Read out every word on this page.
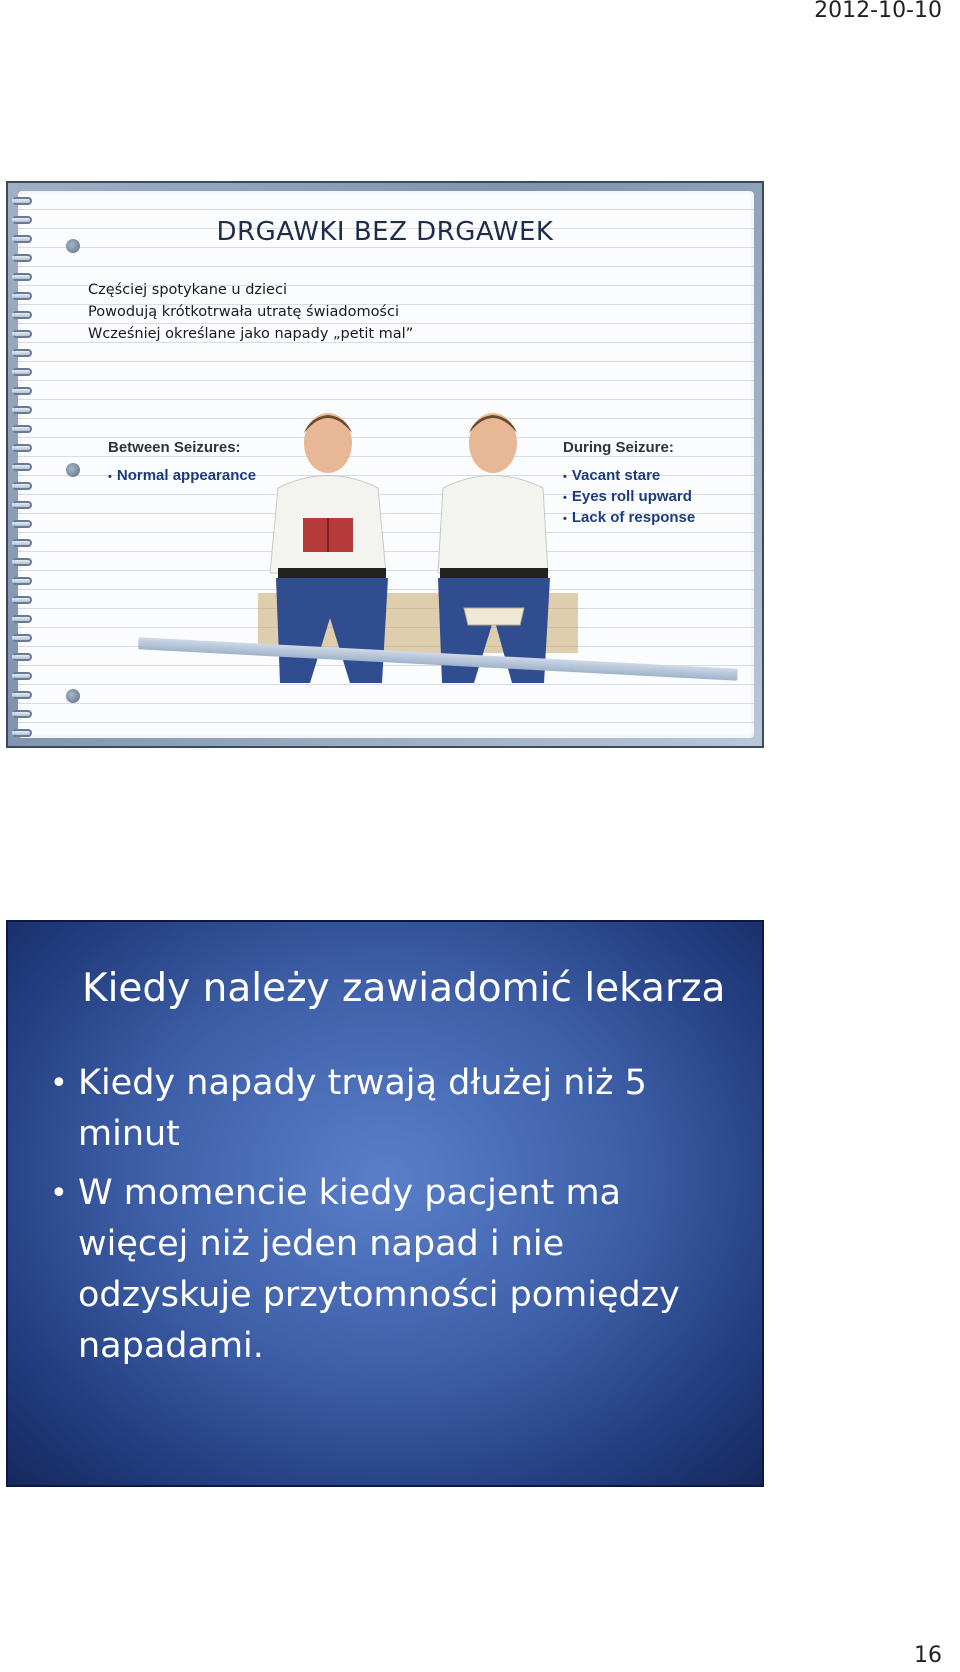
2012-10-10
DRGAWKI BEZ DRGAWEK
Częściej spotykane u dzieci
Powodują krótkotrwała utratę świadomości
Wcześniej określane jako napady „petit mal”
Between Seizures:
• Normal appearance
During Seizure:
• Vacant stare
• Eyes roll upward
• Lack of response
Kiedy należy zawiadomić lekarza
• Kiedy napady trwają dłużej niż 5 minut
• W momencie kiedy pacjent ma więcej niż jeden napad i nie odzyskuje przytomności pomiędzy napadami.
16
